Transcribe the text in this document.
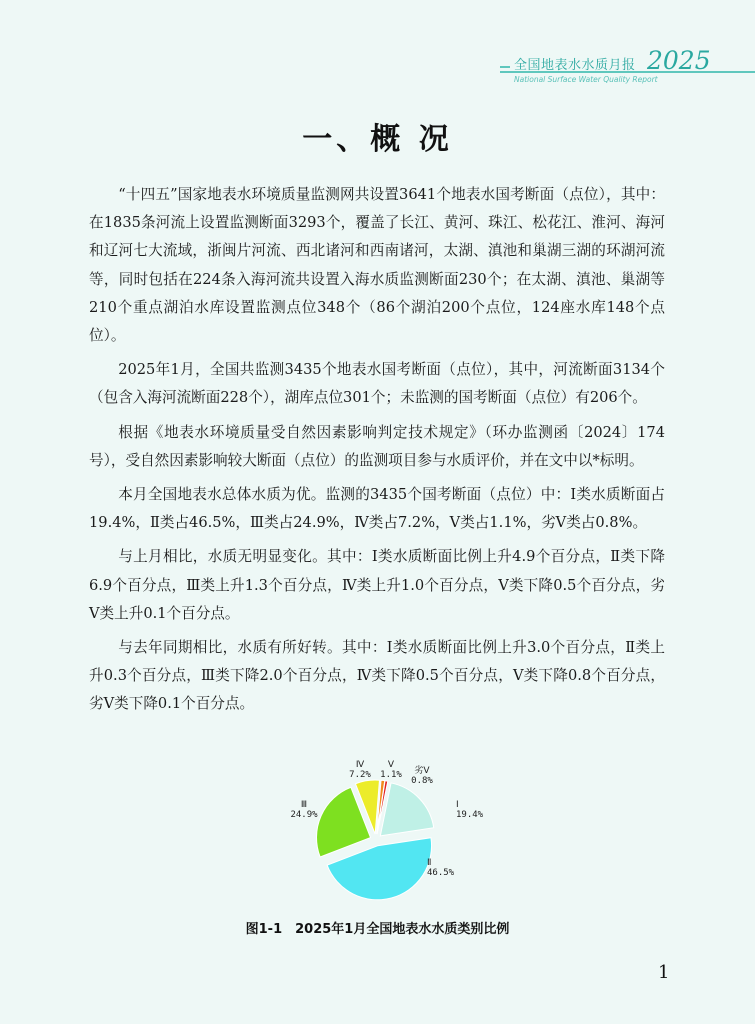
全国地表水水质月报 2025
National Surface Water Quality Report
一、概 况

“十四五”国家地表水环境质量监测网共设置3641个地表水国考断面（点位），其中：在1835条河流上设置监测断面3293个，覆盖了长江、黄河、珠江、松花江、淮河、海河和辽河七大流域，浙闽片河流、西北诸河和西南诸河，太湖、滇池和巢湖三湖的环湖河流等，同时包括在224条入海河流共设置入海水质监测断面230个；在太湖、滇池、巢湖等210个重点湖泊水库设置监测点位348个（86个湖泊200个点位，124座水库148个点位）。

2025年1月，全国共监测3435个地表水国考断面（点位），其中，河流断面3134个（包含入海河流断面228个），湖库点位301个；未监测的国考断面（点位）有206个。

根据《地表水环境质量受自然因素影响判定技术规定》（环办监测函〔2024〕174号），受自然因素影响较大断面（点位）的监测项目参与水质评价，并在文中以*标明。

本月全国地表水总体水质为优。监测的3435个国考断面（点位）中：Ⅰ类水质断面占19.4%，Ⅱ类占46.5%，Ⅲ类占24.9%，Ⅳ类占7.2%，Ⅴ类占1.1%，劣Ⅴ类占0.8%。

与上月相比，水质无明显变化。其中：Ⅰ类水质断面比例上升4.9个百分点，Ⅱ类下降6.9个百分点，Ⅲ类上升1.3个百分点，Ⅳ类上升1.0个百分点，Ⅴ类下降0.5个百分点，劣Ⅴ类上升0.1个百分点。

与去年同期相比，水质有所好转。其中：Ⅰ类水质断面比例上升3.0个百分点，Ⅱ类上升0.3个百分点，Ⅲ类下降2.0个百分点，Ⅳ类下降0.5个百分点，Ⅴ类下降0.8个百分点，劣Ⅴ类下降0.1个百分点。

Ⅰ
19.4%
Ⅱ
46.5%
Ⅲ
24.9%
Ⅳ
7.2%
Ⅴ
1.1% 劣Ⅴ
0.8%
图1-1　2025年1月全国地表水水质类别比例
1
